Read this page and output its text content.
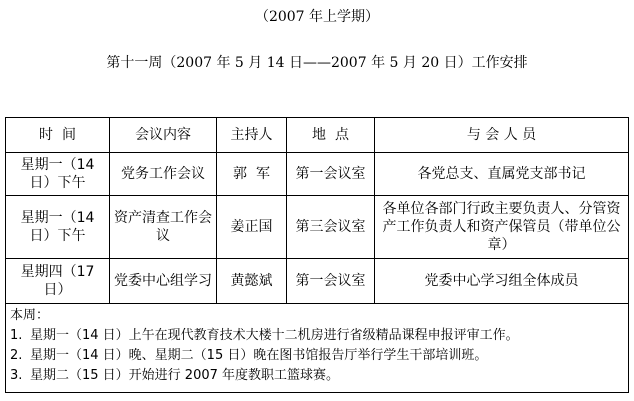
（2007 年上学期）
第十一周（2007 年 5 月 14 日——2007 年 5 月 20 日）工作安排
时  间	会议内容	主持人	地  点	与 会 人 员
星期一（14 日）下午	党务工作会议	郭  军	第一会议室	各党总支、直属党支部书记
星期一（14 日）下午	资产清查工作会议	姜正国	第三会议室	各单位各部门行政主要负责人、分管资产工作负责人和资产保管员（带单位公章）
星期四（17 日）	党委中心组学习	黄懿斌	第一会议室	党委中心学习组全体成员

本周：
1. 星期一（14 日）上午在现代教育技术大楼十二机房进行省级精品课程申报评审工作。
2. 星期一（14 日）晚、星期二（15 日）晚在图书馆报告厅举行学生干部培训班。
3. 星期二（15 日）开始进行 2007 年度教职工篮球赛。				
